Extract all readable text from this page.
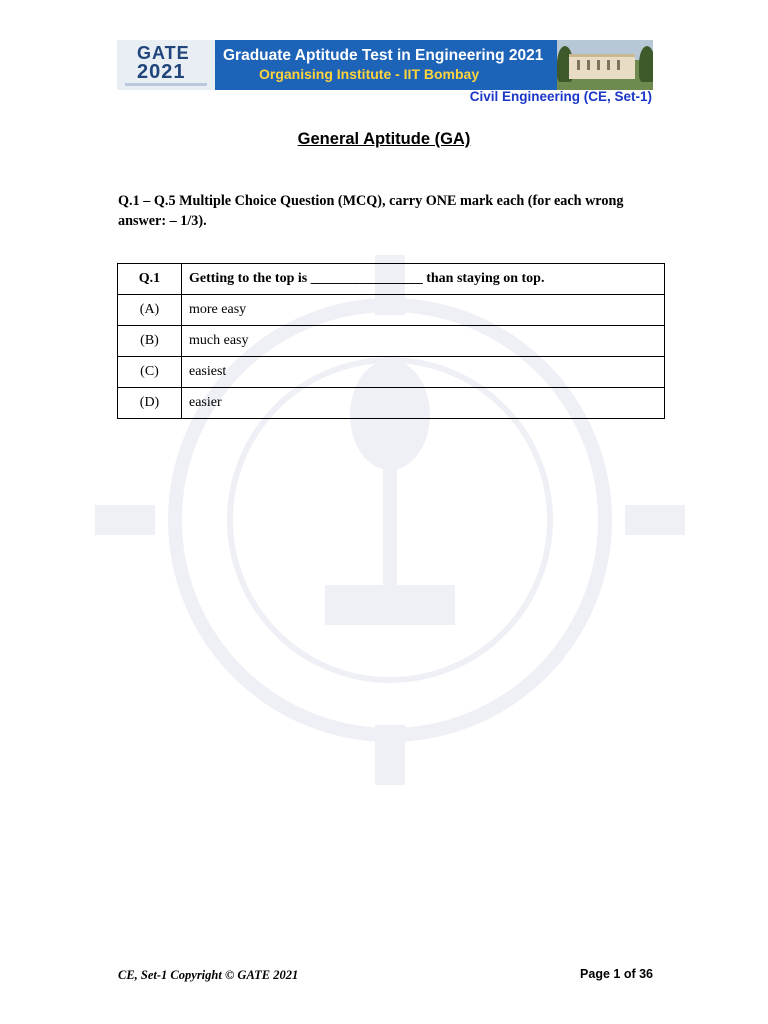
GATE
2021
Graduate Aptitude Test in Engineering 2021
Organising Institute - IIT Bombay
Civil Engineering (CE, Set-1)
General Aptitude (GA)
Q.1 – Q.5 Multiple Choice Question (MCQ), carry ONE mark each (for each wrong answer: – 1/3).
Q.1	Getting to the top is ________________ than staying on top.
(A)	more easy
(B)	much easy
(C)	easiest
(D)	easier
CE, Set-1 Copyright © GATE 2021	Page 1 of 36
